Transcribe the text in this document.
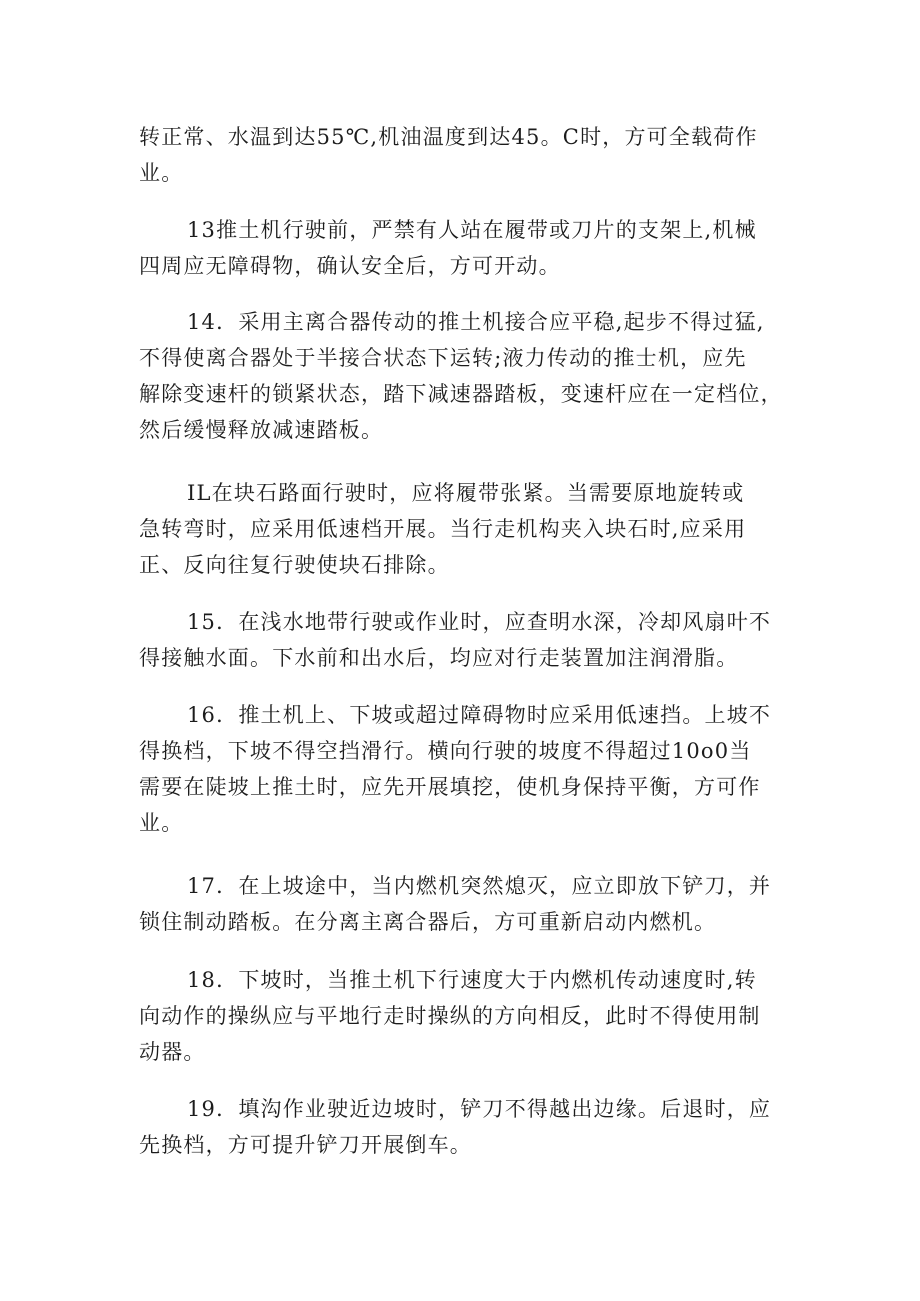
转正常、水温到达55℃,机油温度到达45。C时，方可全载荷作
业。

13推土机行驶前，严禁有人站在履带或刀片的支架上,机械
四周应无障碍物，确认安全后，方可开动。

14．采用主离合器传动的推土机接合应平稳,起步不得过猛,
不得使离合器处于半接合状态下运转;液力传动的推士机，应先
解除变速杆的锁紧状态，踏下减速器踏板，变速杆应在一定档位，
然后缓慢释放减速踏板。

IL在块石路面行驶时，应将履带张紧。当需要原地旋转或
急转弯时，应采用低速档开展。当行走机构夹入块石时,应采用
正、反向往复行驶使块石排除。

15．在浅水地带行驶或作业时，应查明水深，冷却风扇叶不
得接触水面。下水前和出水后，均应对行走装置加注润滑脂。

16．推土机上、下坡或超过障碍物时应采用低速挡。上坡不
得换档，下坡不得空挡滑行。横向行驶的坡度不得超过10o0当
需要在陡坡上推土时，应先开展填挖，使机身保持平衡，方可作
业。

17．在上坡途中，当内燃机突然熄灭，应立即放下铲刀，并
锁住制动踏板。在分离主离合器后，方可重新启动内燃机。

18．下坡时，当推土机下行速度大于内燃机传动速度时,转
向动作的操纵应与平地行走时操纵的方向相反，此时不得使用制
动器。

19．填沟作业驶近边坡时，铲刀不得越出边缘。后退时，应
先换档，方可提升铲刀开展倒车。
